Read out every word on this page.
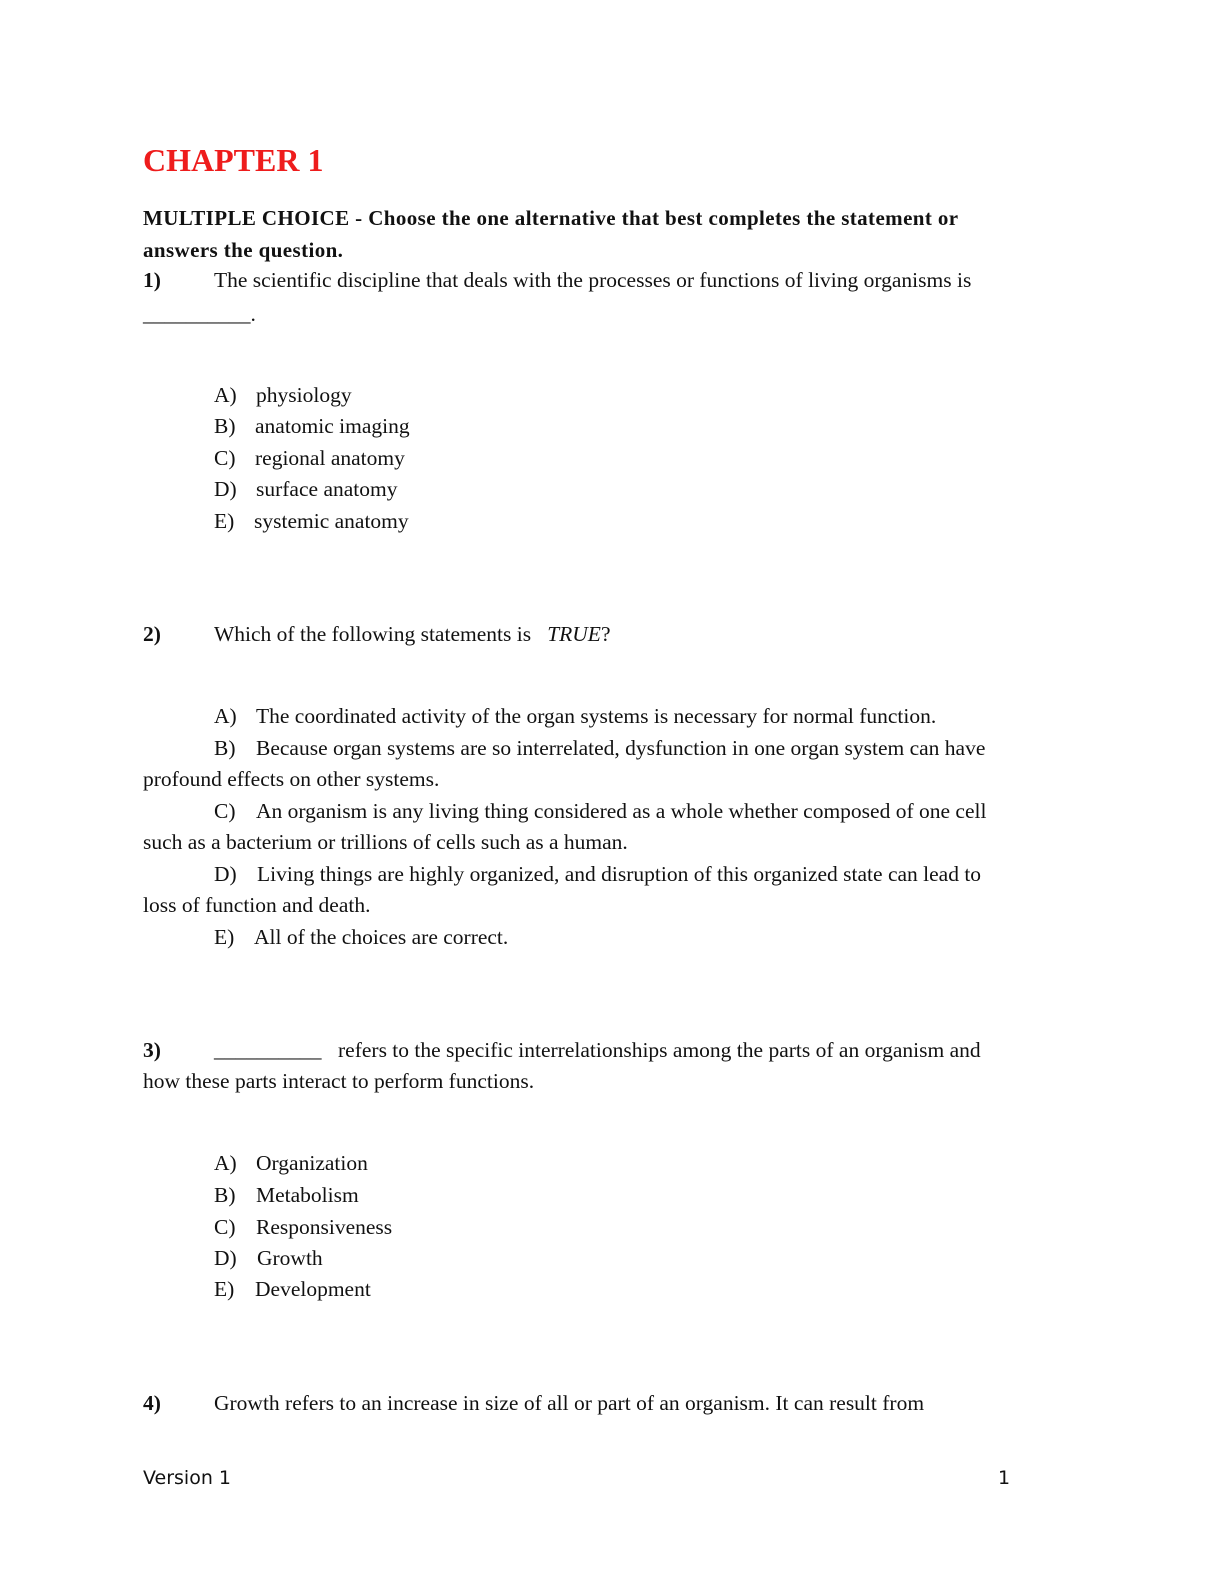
CHAPTER 1
MULTIPLE CHOICE - Choose the one alternative that best completes the statement or
answers the question.
1) The scientific discipline that deals with the processes or functions of living organisms is
__________.
A) physiology
B) anatomic imaging
C) regional anatomy
D) surface anatomy
E) systemic anatomy
2) Which of the following statements is TRUE?
A) The coordinated activity of the organ systems is necessary for normal function.
B) Because organ systems are so interrelated, dysfunction in one organ system can have
profound effects on other systems.
C) An organism is any living thing considered as a whole whether composed of one cell
such as a bacterium or trillions of cells such as a human.
D) Living things are highly organized, and disruption of this organized state can lead to
loss of function and death.
E) All of the choices are correct.
3) __________ refers to the specific interrelationships among the parts of an organism and
how these parts interact to perform functions.
A) Organization
B) Metabolism
C) Responsiveness
D) Growth
E) Development
4) Growth refers to an increase in size of all or part of an organism. It can result from
Version 1	1
